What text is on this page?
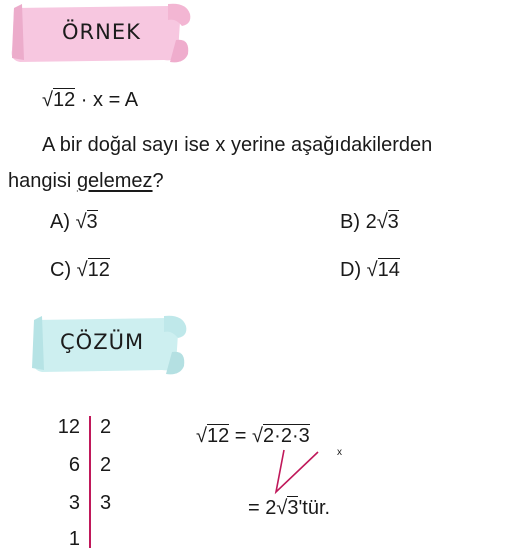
ÖRNEK
√12 · x = A
A bir doğal sayı ise x yerine aşağıdakilerden
hangisi gelemez?
A) √3	B) 2√3
C) √12	D) √14
ÇÖZÜM
12
6
3
1
2
2
3
√12 = √2·2·3
x
= 2√3'tür.
